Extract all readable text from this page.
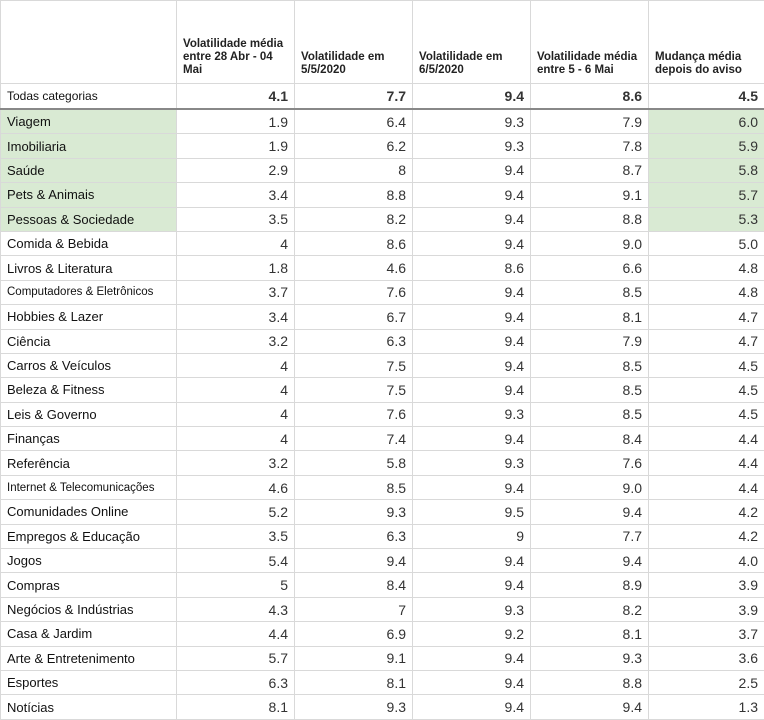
	Volatilidade média entre 28 Abr - 04 Mai	Volatilidade em 5/5/2020	Volatilidade em 6/5/2020	Volatilidade média entre 5 - 6 Mai	Mudança média depois do aviso
Todas categorias	4.1	7.7	9.4	8.6	4.5
Viagem	1.9	6.4	9.3	7.9	6.0
Imobiliaria	1.9	6.2	9.3	7.8	5.9
Saúde	2.9	8	9.4	8.7	5.8
Pets & Animais	3.4	8.8	9.4	9.1	5.7
Pessoas & Sociedade	3.5	8.2	9.4	8.8	5.3
Comida & Bebida	4	8.6	9.4	9.0	5.0
Livros & Literatura	1.8	4.6	8.6	6.6	4.8
Computadores & Eletrônicos	3.7	7.6	9.4	8.5	4.8
Hobbies & Lazer	3.4	6.7	9.4	8.1	4.7
Ciência	3.2	6.3	9.4	7.9	4.7
Carros & Veículos	4	7.5	9.4	8.5	4.5
Beleza & Fitness	4	7.5	9.4	8.5	4.5
Leis & Governo	4	7.6	9.3	8.5	4.5
Finanças	4	7.4	9.4	8.4	4.4
Referência	3.2	5.8	9.3	7.6	4.4
Internet & Telecomunicações	4.6	8.5	9.4	9.0	4.4
Comunidades Online	5.2	9.3	9.5	9.4	4.2
Empregos & Educação	3.5	6.3	9	7.7	4.2
Jogos	5.4	9.4	9.4	9.4	4.0
Compras	5	8.4	9.4	8.9	3.9
Negócios & Indústrias	4.3	7	9.3	8.2	3.9
Casa & Jardim	4.4	6.9	9.2	8.1	3.7
Arte & Entretenimento	5.7	9.1	9.4	9.3	3.6
Esportes	6.3	8.1	9.4	8.8	2.5
Notícias	8.1	9.3	9.4	9.4	1.3
